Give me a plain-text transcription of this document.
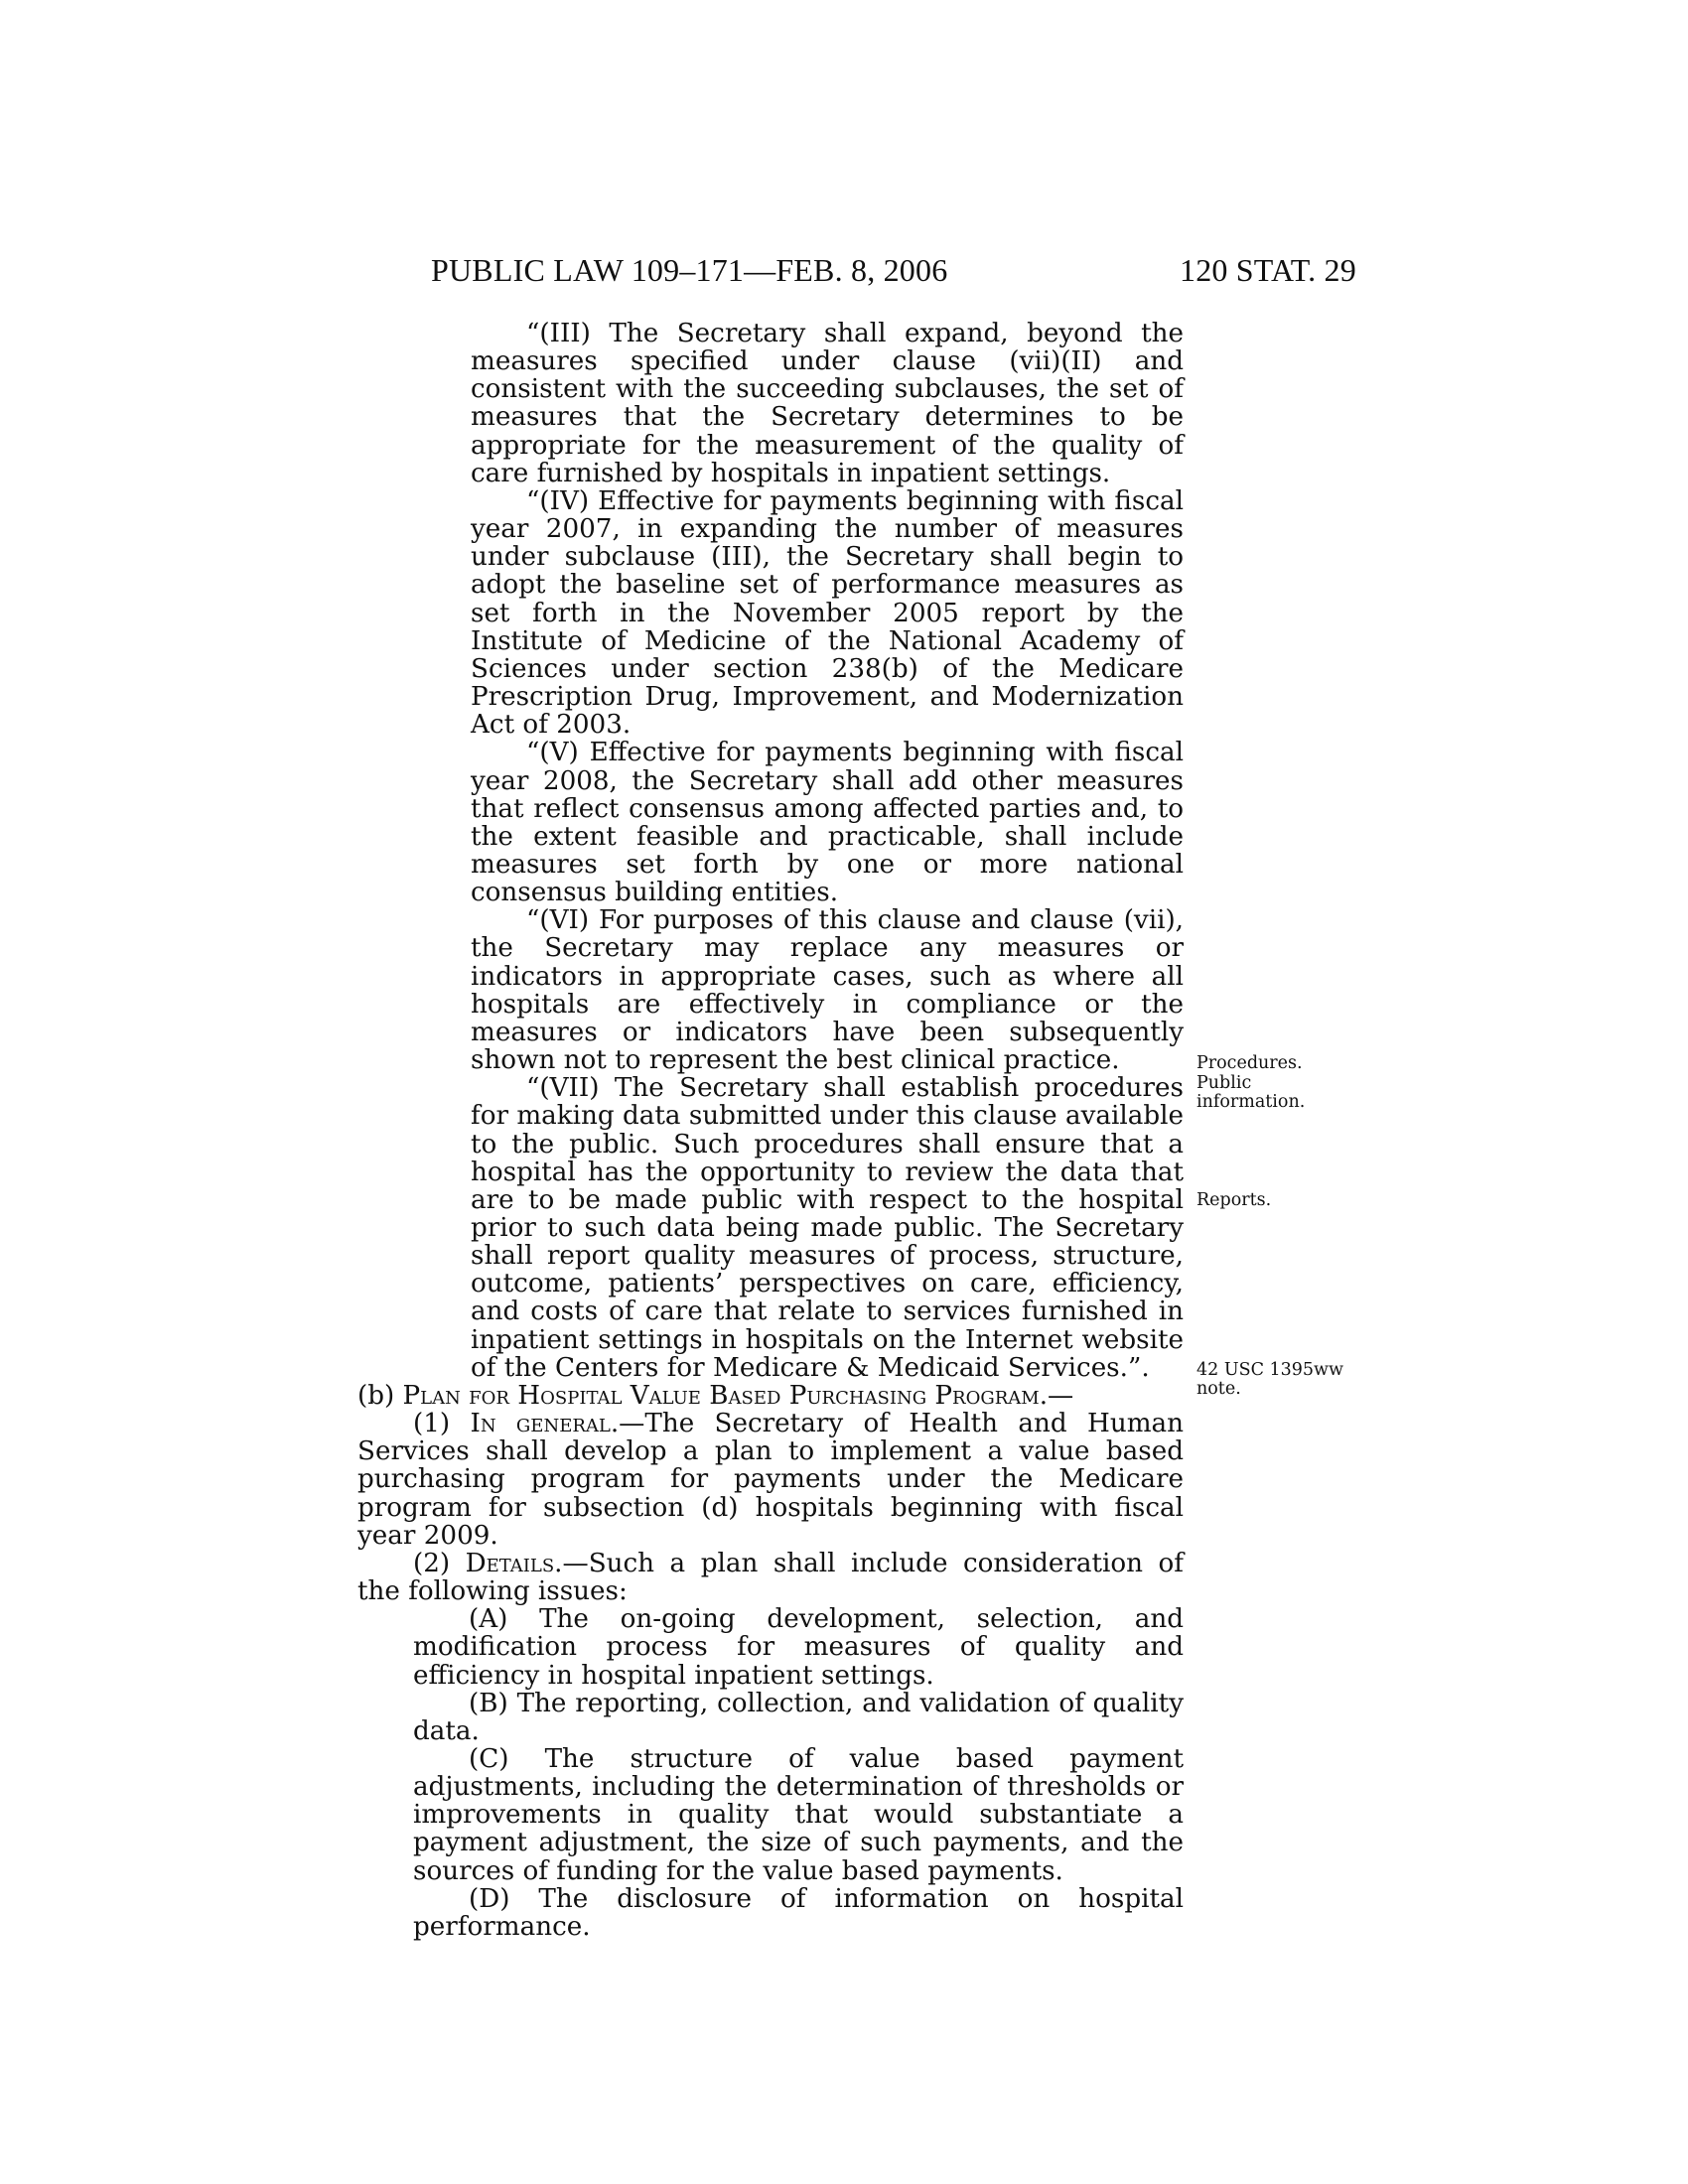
PUBLIC LAW 109–171—FEB. 8, 2006	120 STAT. 29

“(III) The Secretary shall expand, beyond the measures specified under clause (vii)(II) and consistent with the succeeding subclauses, the set of measures that the Secretary determines to be appropriate for the measurement of the quality of care furnished by hospitals in inpatient settings.

“(IV) Effective for payments beginning with fiscal year 2007, in expanding the number of measures under subclause (III), the Secretary shall begin to adopt the baseline set of performance measures as set forth in the November 2005 report by the Institute of Medicine of the National Academy of Sciences under section 238(b) of the Medicare Prescription Drug, Improvement, and Modernization Act of 2003.

“(V) Effective for payments beginning with fiscal year 2008, the Secretary shall add other measures that reflect consensus among affected parties and, to the extent feasible and practicable, shall include measures set forth by one or more national consensus building entities.

“(VI) For purposes of this clause and clause (vii), the Secretary may replace any measures or indicators in appropriate cases, such as where all hospitals are effectively in compliance or the measures or indicators have been subsequently shown not to represent the best clinical practice.

“(VII) The Secretary shall establish procedures for making data submitted under this clause available to the public. Such procedures shall ensure that a hospital has the opportunity to review the data that are to be made public with respect to the hospital prior to such data being made public. The Secretary shall report quality measures of process, structure, outcome, patients’ perspectives on care, efficiency, and costs of care that relate to services furnished in inpatient settings in hospitals on the Internet website of the Centers for Medicare & Medicaid Services.”.

(b) Plan for Hospital Value Based Purchasing Program.—

(1) In general.—The Secretary of Health and Human Services shall develop a plan to implement a value based purchasing program for payments under the Medicare program for subsection (d) hospitals beginning with fiscal year 2009.

(2) Details.—Such a plan shall include consideration of the following issues:

(A) The on-going development, selection, and modification process for measures of quality and efficiency in hospital inpatient settings.

(B) The reporting, collection, and validation of quality data.

(C) The structure of value based payment adjustments, including the determination of thresholds or improvements in quality that would substantiate a payment adjustment, the size of such payments, and the sources of funding for the value based payments.

(D) The disclosure of information on hospital performance.

Procedures.
Public information.
Reports.
42 USC 1395ww note.
